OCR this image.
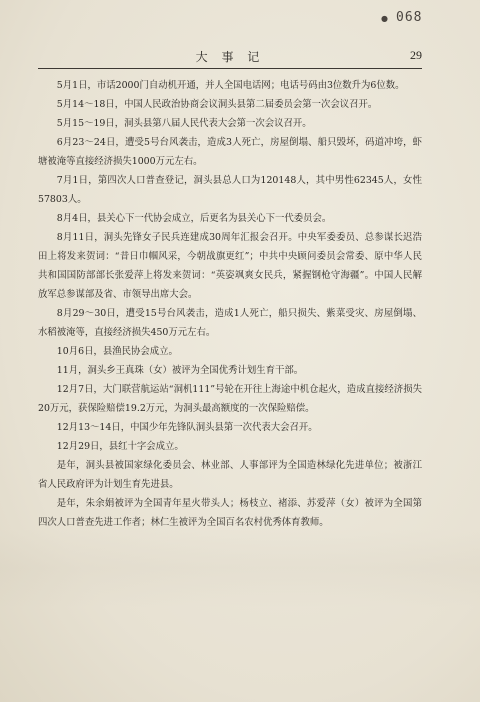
● 068
大 事 记	29

5月1日，市话2000门自动机开通，并人全国电话网；电话号码由3位数升为6位数。

5月14～18日，中国人民政治协商会议洞头县第二届委员会第一次会议召开。

5月15～19日，洞头县第八届人民代表大会第一次会议召开。

6月23～24日，遭受5号台风袭击，造成3人死亡，房屋倒塌、船只毁坏，码道冲垮，虾塘被淹等直接经济损失1000万元左右。

7月1日，第四次人口普查登记，洞头县总人口为120148人，其中男性62345人，女性57803人。

8月4日，县关心下一代协会成立，后更名为县关心下一代委员会。

8月11日，洞头先锋女子民兵连建成30周年汇报会召开。中央军委委员、总参谋长迟浩田上将发来贺词：“昔日巾帼风采，今朝战旗更红”；中共中央顾问委员会常委、原中华人民共和国国防部部长张爱萍上将发来贺词：“英姿飒爽女民兵，紧握钢枪守海疆”。中国人民解放军总参谋部及省、市领导出席大会。

8月29～30日，遭受15号台风袭击，造成1人死亡，船只损失、紫菜受灾、房屋倒塌、水稻被淹等，直接经济损失450万元左右。

10月6日，县渔民协会成立。

11月，洞头乡王真珠（女）被评为全国优秀计划生育干部。

12月7日，大门联营航运站“洞机111”号轮在开往上海途中机仓起火，造成直接经济损失20万元，获保险赔偿19.2万元，为洞头最高额度的一次保险赔偿。

12月13～14日，中国少年先锋队洞头县第一次代表大会召开。

12月29日，县红十字会成立。

是年，洞头县被国家绿化委员会、林业部、人事部评为全国造林绿化先进单位；被浙江省人民政府评为计划生育先进县。

是年，朱余娟被评为全国青年星火带头人；杨枝立、褚添、苏爱萍（女）被评为全国第四次人口普查先进工作者；林仁生被评为全国百名农村优秀体育教师。
